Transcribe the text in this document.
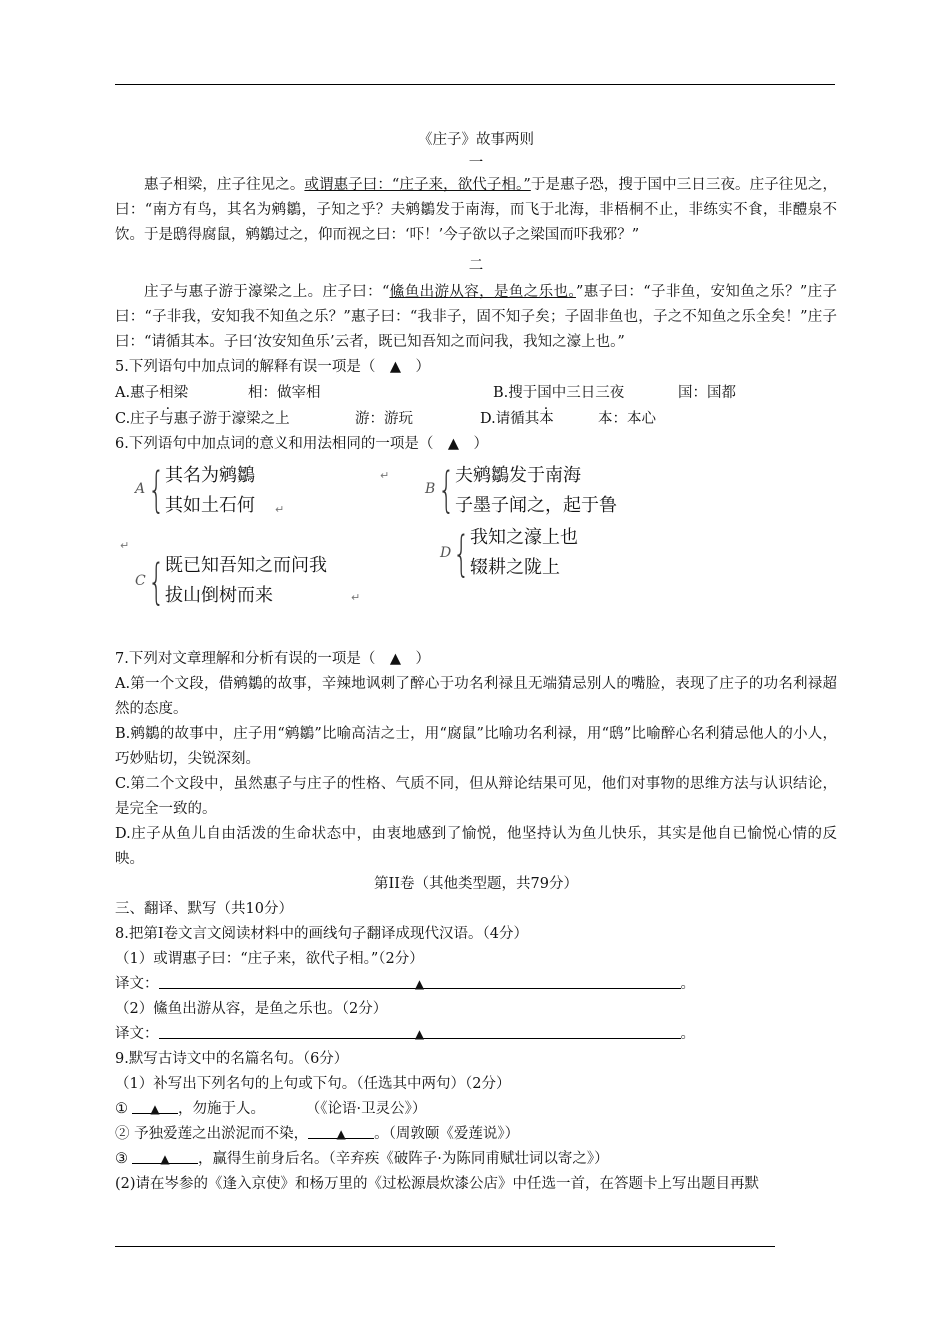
《庄子》故事两则
一
惠子相梁，庄子往见之。或谓惠子曰：“庄子来，欲代子相。”于是惠子恐，搜于国中三日三夜。庄子往见之，曰：“南方有鸟，其名为鹓鶵，子知之乎？夫鹓鶵发于南海，而飞于北海，非梧桐不止，非练实不食，非醴泉不饮。于是鸱得腐鼠，鹓鶵过之，仰而视之曰：‘吓！’今子欲以子之梁国而吓我邪？”
二
庄子与惠子游于濠梁之上。庄子曰：“鯈鱼出游从容，是鱼之乐也。”惠子曰：“子非鱼，安知鱼之乐？”庄子曰：“子非我，安知我不知鱼之乐？”惠子曰：“我非子，固不知子矣；子固非鱼也，子之不知鱼之乐全矣！”庄子曰：“请循其本。子曰‘汝安知鱼乐’云者，既已知吾知之而问我，我知之濠上也。”
5.下列语句中加点词的解释有误一项是（　▲　）
A.惠子相梁	相：做宰相	B.搜于国中三日三夜	国：国都
C.庄子与惠子游于濠梁之上	游：游玩	D.请循其本	本：本心
6.下列语句中加点词的意义和用法相同的一项是（　▲　）
A { 其名为鹓鶵
其如土石何
↵
↵
B { 夫鹓鶵发于南海
子墨子闻之，起于鲁
↵
C { 既已知吾知之而问我
拔山倒树而来	↵
D { 我知之濠上也
辍耕之陇上
7.下列对文章理解和分析有误的一项是（　▲　）
A.第一个文段，借鹓鶵的故事，辛辣地讽刺了醉心于功名利禄且无端猜忌别人的嘴脸，表现了庄子的功名利禄超然的态度。
B.鹓鶵的故事中，庄子用“鹓鶵”比喻高洁之士，用“腐鼠”比喻功名利禄，用“鸱”比喻醉心名利猜忌他人的小人，巧妙贴切，尖锐深刻。
C.第二个文段中，虽然惠子与庄子的性格、气质不同，但从辩论结果可见，他们对事物的思维方法与认识结论，是完全一致的。
D.庄子从鱼儿自由活泼的生命状态中，由衷地感到了愉悦，他坚持认为鱼儿快乐，其实是他自已愉悦心情的反映。
第II卷（其他类型题，共79分）
三、翻译、默写（共10分）
8.把第Ⅰ卷文言文阅读材料中的画线句子翻译成现代汉语。（4分）
（1）或谓惠子曰：“庄子来，欲代子相。”（2分）
译文：	▲	。
（2）鯈鱼出游从容，是鱼之乐也。（2分）
译文：	▲	。
9.默写古诗文中的名篇名句。（6分）
（1）补写出下列名句的上句或下句。（任选其中两句）（2分）
① ▲ ，勿施于人。	（《论语·卫灵公》）
② 予独爱莲之出淤泥而不染， ▲ 。（周敦颐《爱莲说》）
③	▲ ，赢得生前身后名。（辛弃疾《破阵子·为陈同甫赋壮词以寄之》）
(2)请在岑参的《逢入京使》和杨万里的《过松源晨炊漆公店》中任选一首，在答题卡上写出题目再默
